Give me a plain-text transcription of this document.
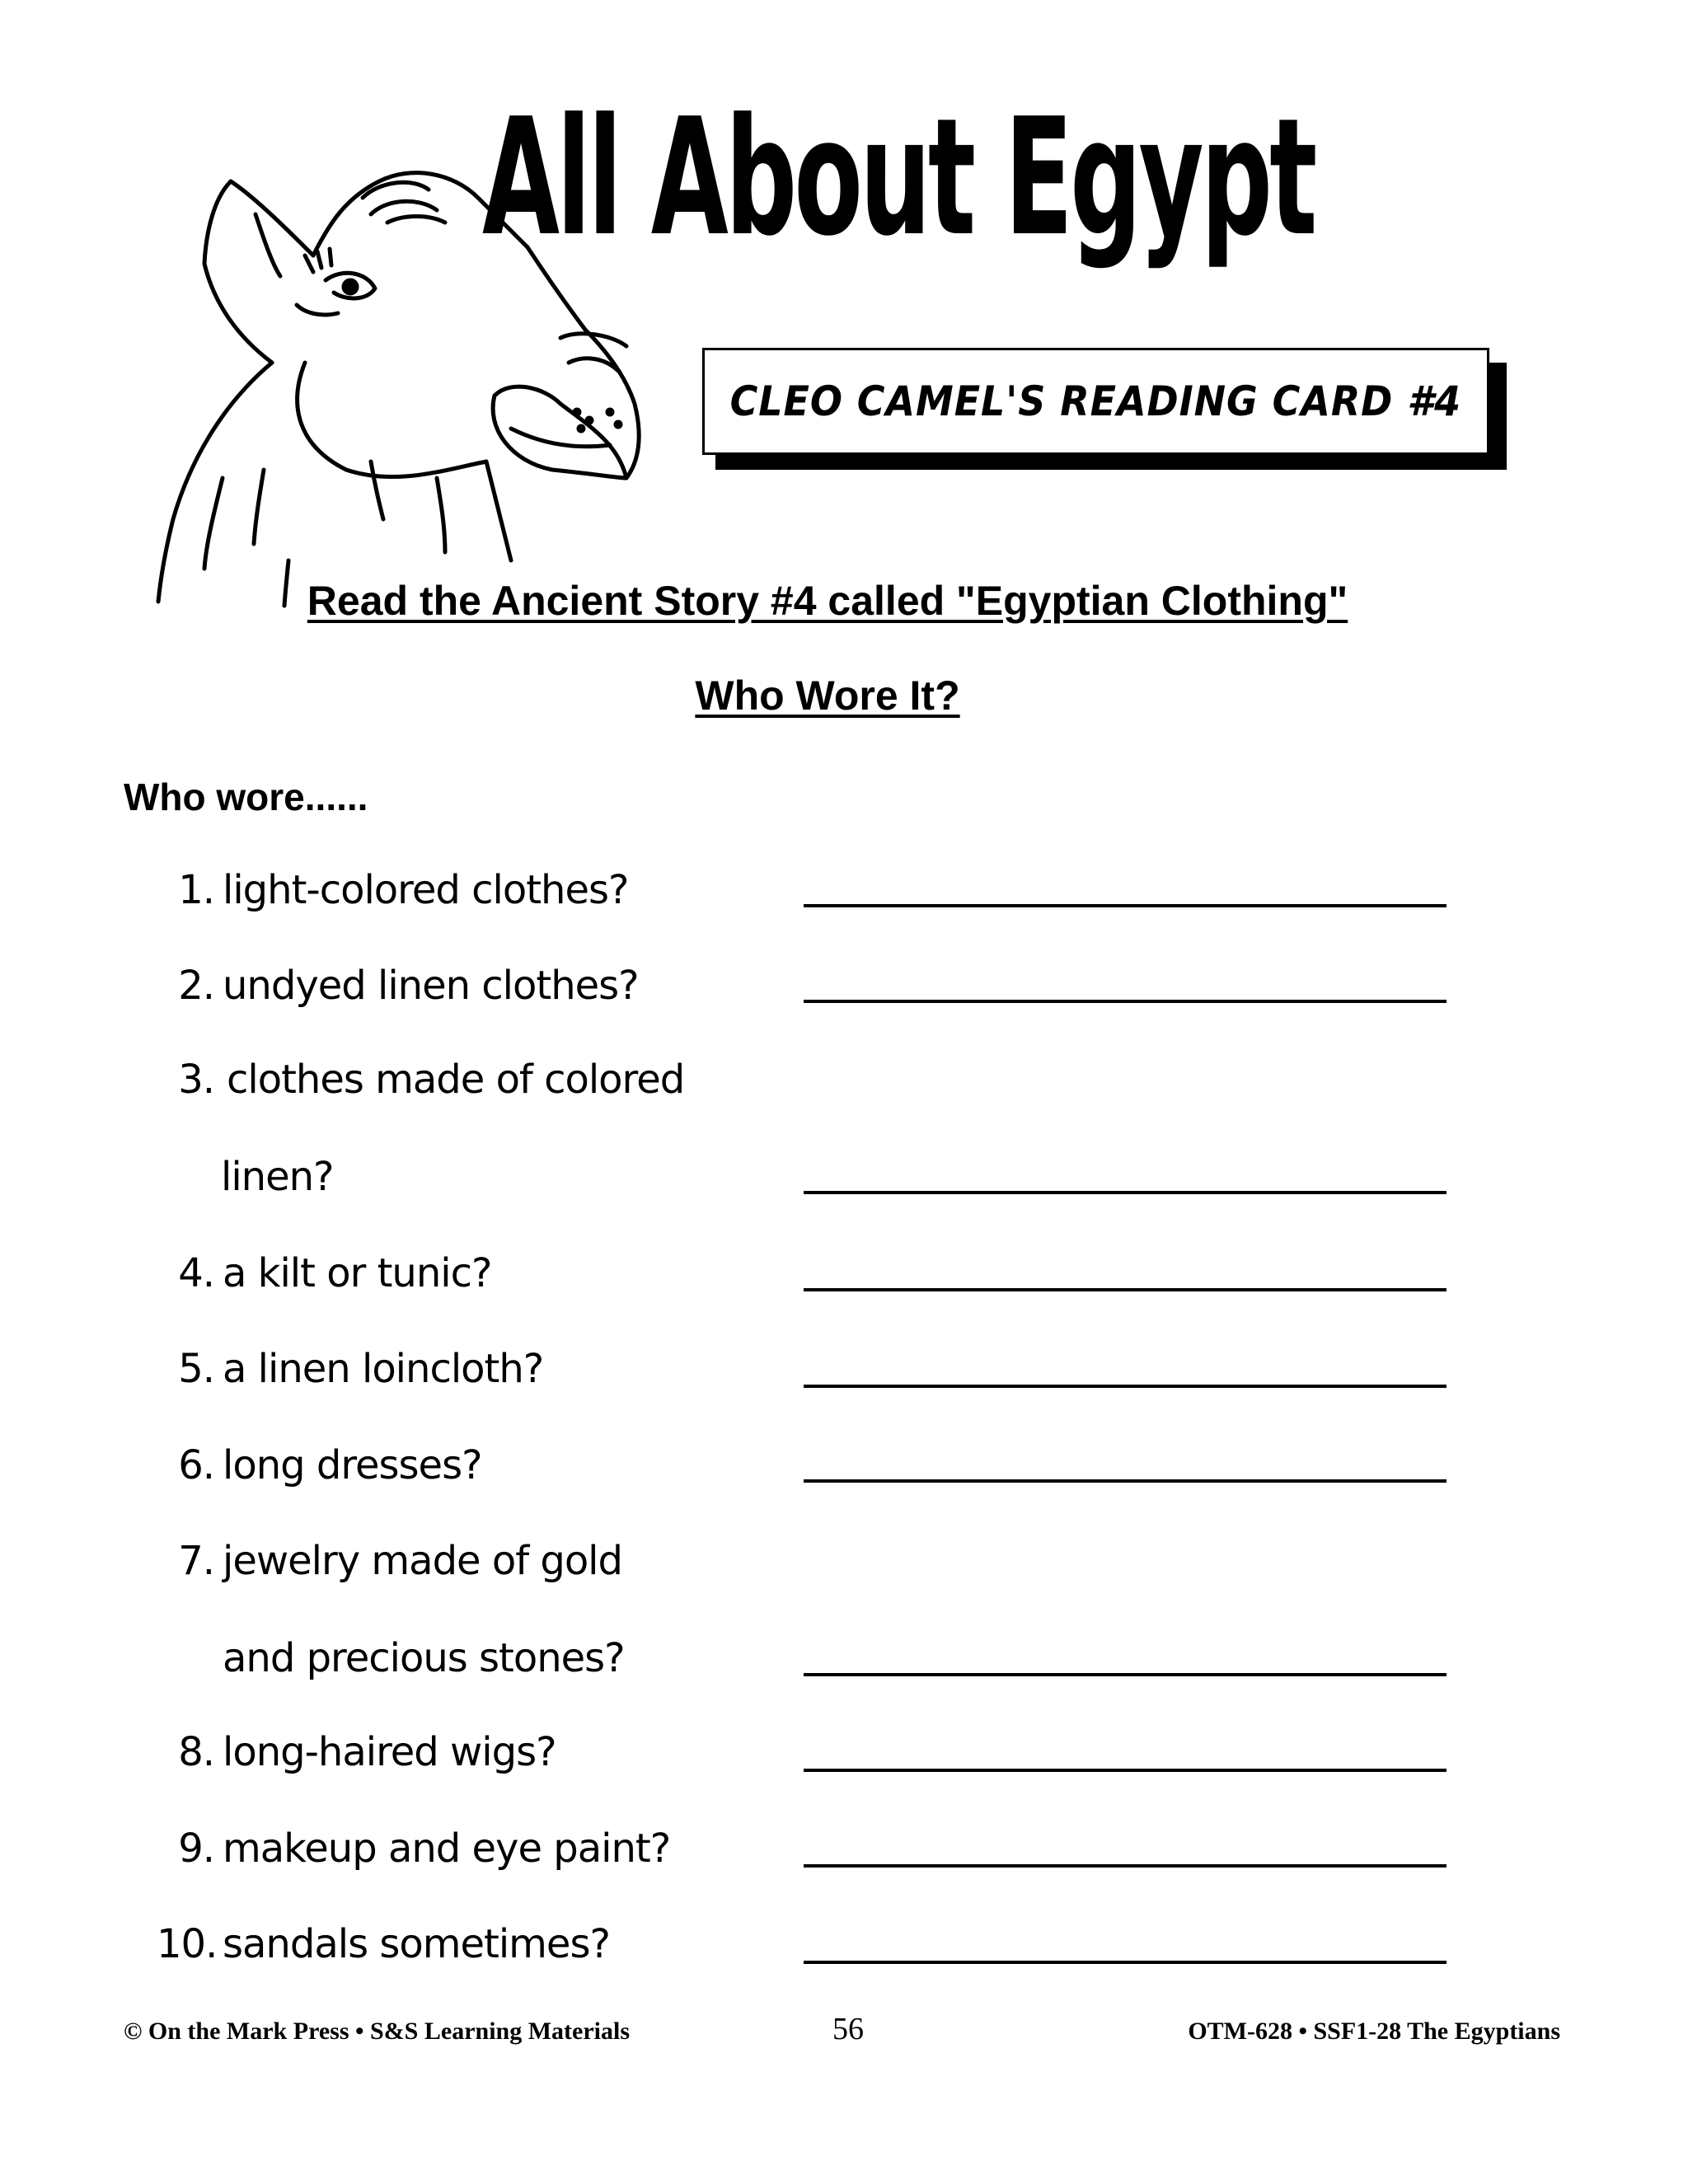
All About Egypt
CLEO CAMEL'S READING CARD #4
Read the Ancient Story #4 called "Egyptian Clothing"
Who Wore It?
Who wore......
1. light-colored clothes?
2. undyed linen clothes?
3. clothes made of colored
linen?
4. a kilt or tunic?
5. a linen loincloth?
6. long dresses?
7. jewelry made of gold
and precious stones?
8. long-haired wigs?
9. makeup and eye paint?
10. sandals sometimes?
© On the Mark Press • S&S Learning Materials	56	OTM-628 • SSF1-28 The Egyptians
